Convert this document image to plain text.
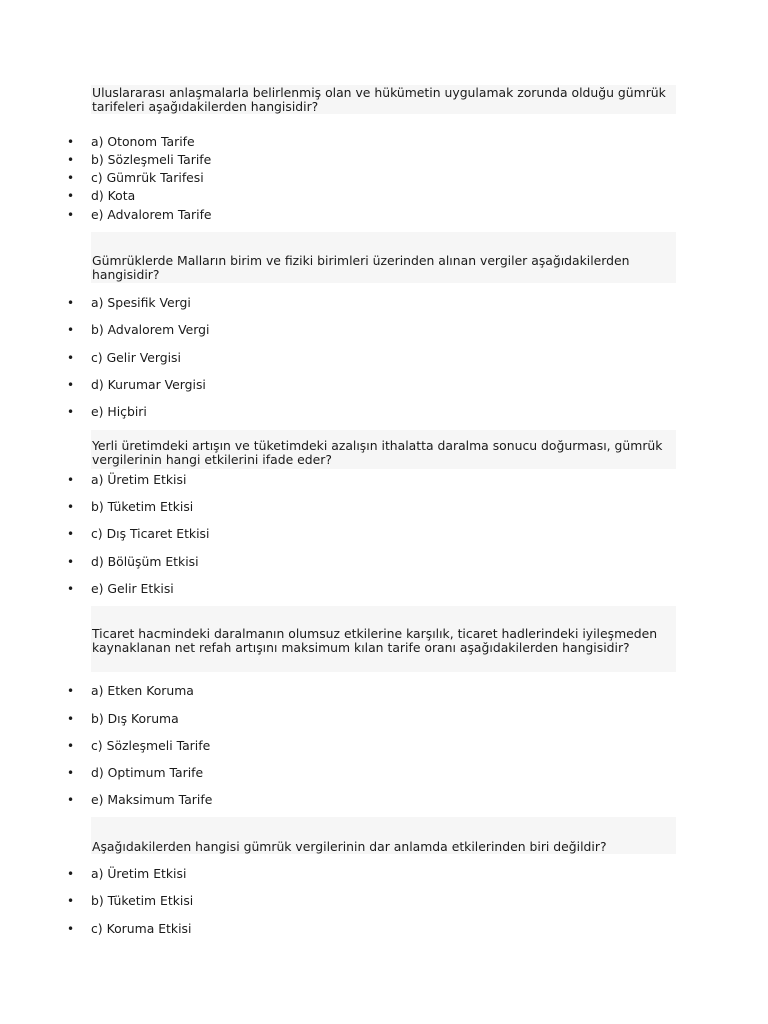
Uluslararası anlaşmalarla belirlenmiş olan ve hükümetin uygulamak zorunda olduğu gümrük tarifeleri aşağıdakilerden hangisidir?
• a) Otonom Tarife
• b) Sözleşmeli Tarife
• c) Gümrük Tarifesi
• d) Kota
• e) Advalorem Tarife
Gümrüklerde Malların birim ve fiziki birimleri üzerinden alınan vergiler aşağıdakilerden hangisidir?
• a) Spesifik Vergi
• b) Advalorem Vergi
• c) Gelir Vergisi
• d) Kurumar Vergisi
• e) Hiçbiri
Yerli üretimdeki artışın ve tüketimdeki azalışın ithalatta daralma sonucu doğurması, gümrük vergilerinin hangi etkilerini ifade eder?
• a) Üretim Etkisi
• b) Tüketim Etkisi
• c) Dış Ticaret Etkisi
• d) Bölüşüm Etkisi
• e) Gelir Etkisi
Ticaret hacmindeki daralmanın olumsuz etkilerine karşılık, ticaret hadlerindeki iyileşmeden kaynaklanan net refah artışını maksimum kılan tarife oranı aşağıdakilerden hangisidir?
• a) Etken Koruma
• b) Dış Koruma
• c) Sözleşmeli Tarife
• d) Optimum Tarife
• e) Maksimum Tarife
Aşağıdakilerden hangisi gümrük vergilerinin dar anlamda etkilerinden biri değildir?
• a) Üretim Etkisi
• b) Tüketim Etkisi
• c) Koruma Etkisi
